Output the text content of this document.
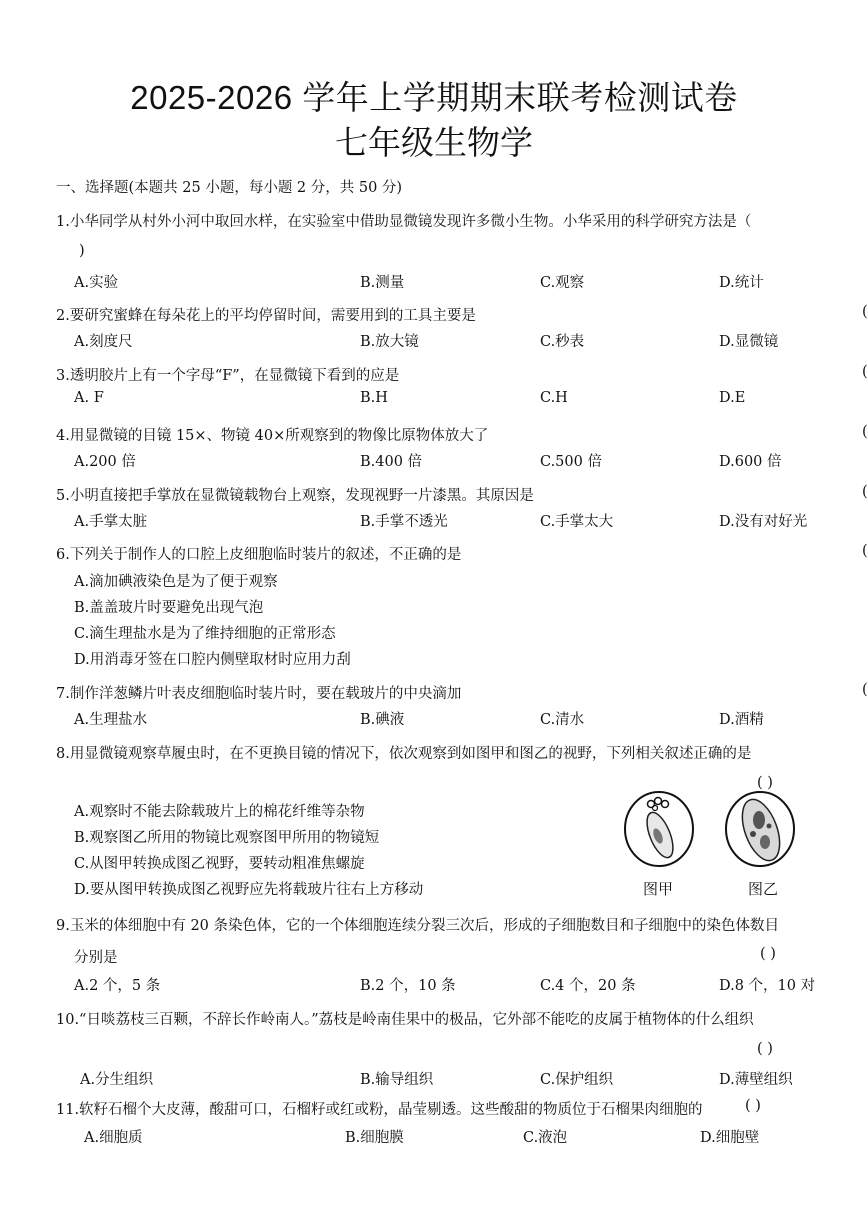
2025-2026 学年上学期期末联考检测试卷
七年级生物学
一、选择题(本题共 25 小题，每小题 2 分，共 50 分)
1.小华同学从村外小河中取回水样，在实验室中借助显微镜发现许多微小生物。小华采用的科学研究方法是（
)
A.实验	B.测量	C.观察	D.统计
2.要研究蜜蜂在每朵花上的平均停留时间，需要用到的工具主要是	(
A.刻度尺	B.放大镜	C.秒表	D.显微镜
3.透明胶片上有一个字母“F”，在显微镜下看到的应是	(
A. F	B.H	C.H	D.E
4.用显微镜的目镜 15×、物镜 40×所观察到的物像比原物体放大了	(
A.200 倍	B.400 倍	C.500 倍	D.600 倍
5.小明直接把手掌放在显微镜载物台上观察，发现视野一片漆黑。其原因是	(
A.手掌太脏	B.手掌不透光	C.手掌太大	D.没有对好光
6.下列关于制作人的口腔上皮细胞临时装片的叙述，不正确的是	(
A.滴加碘液染色是为了便于观察
B.盖盖玻片时要避免出现气泡
C.滴生理盐水是为了维持细胞的正常形态
D.用消毒牙签在口腔内侧壁取材时应用力刮
7.制作洋葱鳞片叶表皮细胞临时装片时，要在载玻片的中央滴加	(
A.生理盐水	B.碘液	C.清水	D.酒精
8.用显微镜观察草履虫时，在不更换目镜的情况下，依次观察到如图甲和图乙的视野，下列相关叙述正确的是
( )
A.观察时不能去除载玻片上的棉花纤维等杂物
B.观察图乙所用的物镜比观察图甲所用的物镜短
C.从图甲转换成图乙视野，要转动粗准焦螺旋
D.要从图甲转换成图乙视野应先将载玻片往右上方移动	图甲	图乙
9.玉米的体细胞中有 20 条染色体，它的一个体细胞连续分裂三次后，形成的子细胞数目和子细胞中的染色体数目
分别是	( )
A.2 个，5 条	B.2 个，10 条	C.4 个，20 条	D.8 个，10 对
10.“日啖荔枝三百颗，不辞长作岭南人。”荔枝是岭南佳果中的极品，它外部不能吃的皮属于植物体的什么组织
( )
A.分生组织	B.输导组织	C.保护组织	D.薄壁组织
11.软籽石榴个大皮薄，酸甜可口，石榴籽或红或粉，晶莹剔透。这些酸甜的物质位于石榴果肉细胞的	( )
A.细胞质	B.细胞膜	C.液泡	D.细胞壁
